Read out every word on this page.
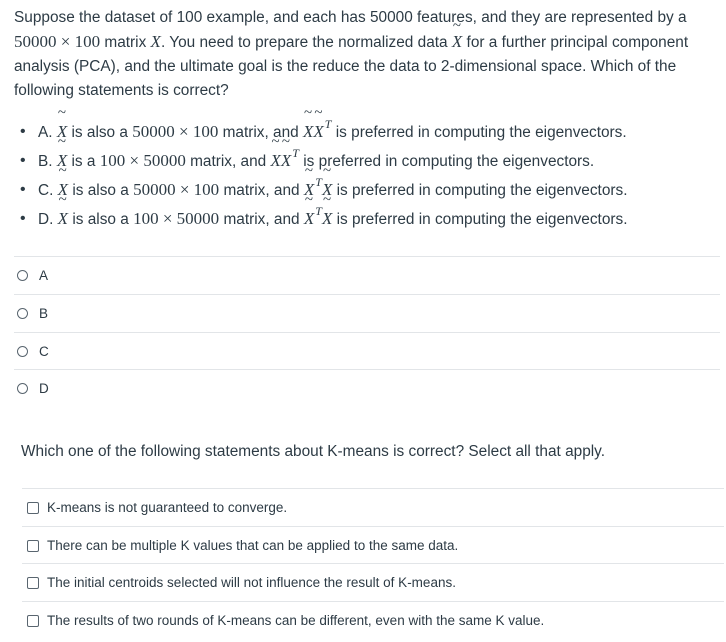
Suppose the dataset of 100 example, and each has 50000 features, and they are represented by a 50000 × 100 matrix X. You need to prepare the normalized data ~ X for a further principal component analysis (PCA), and the ultimate goal is the reduce the data to 2-dimensional space. Which of the following statements is correct?

• A. ~ X is also a 50000 × 100 matrix, and ~ X~ $X^T$ is preferred in computing the eigenvectors.
• B. ~ X is a 100 × 50000 matrix, and ~ X~ $X^T$ is preferred in computing the eigenvectors.
• C. ~ X is also a 50000 × 100 matrix, and ~ $X^T\sim$ X is preferred in computing the eigenvectors.
• D. ~ X is also a 100 × 50000 matrix, and ~ $X^T\sim$ X is preferred in computing the eigenvectors.
A
B
C
D

Which one of the following statements about K-means is correct? Select all that apply.

K-means is not guaranteed to converge.
There can be multiple K values that can be applied to the same data.
The initial centroids selected will not influence the result of K-means.
The results of two rounds of K-means can be different, even with the same K value.
